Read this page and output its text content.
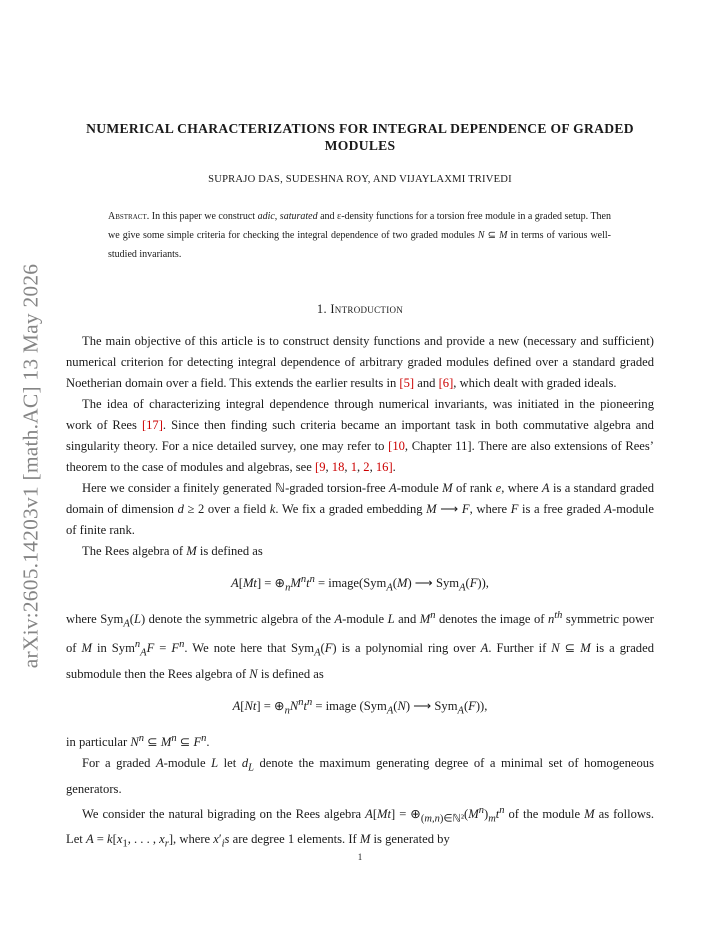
arXiv:2605.14203v1 [math.AC] 13 May 2026
NUMERICAL CHARACTERIZATIONS FOR INTEGRAL DEPENDENCE OF GRADED MODULES
SUPRAJO DAS, SUDESHNA ROY, AND VIJAYLAXMI TRIVEDI
Abstract. In this paper we construct adic, saturated and ε-density functions for a torsion free module in a graded setup. Then we give some simple criteria for checking the integral dependence of two graded modules N ⊆ M in terms of various well-studied invariants.
1. Introduction

The main objective of this article is to construct density functions and provide a new (necessary and sufficient) numerical criterion for detecting integral dependence of arbitrary graded modules defined over a standard graded Noetherian domain over a field. This extends the earlier results in [5] and [6], which dealt with graded ideals.

The idea of characterizing integral dependence through numerical invariants, was initiated in the pioneering work of Rees [17]. Since then finding such criteria became an important task in both commutative algebra and singularity theory. For a nice detailed survey, one may refer to [10, Chapter 11]. There are also extensions of Rees’ theorem to the case of modules and algebras, see [9, 18, 1, 2, 16].

Here we consider a finitely generated ℕ-graded torsion-free A-module M of rank e, where A is a standard graded domain of dimension d ≥ 2 over a field k. We fix a graded embedding M ⟶ F, where F is a free graded A-module of finite rank.

The Rees algebra of M is defined as

$A[Mt] = \oplus_nM^nt^n$ = image(Sym$_A$(M) ⟶ Sym$_A$(F)),

where Sym$_A$(L) denote the symmetric algebra of the A-module L and $M^n$ denotes the image of $n^{th}$ symmetric power of M in $Sym^n_AF = F^n$. We note here that Sym$_A$(F) is a polynomial ring over A. Further if N ⊆ M is a graded submodule then the Rees algebra of N is defined as

$A[Nt] = \oplus_nN^nt^n$ = image (Sym$_A$(N) ⟶ Sym$_A$(F)),

in particular $N^n$ ⊆ $M^n$ ⊆ $F^n$.

For a graded A-module L let $d_L$ denote the maximum generating degree of a minimal set of homogeneous generators.

We consider the natural bigrading on the Rees algebra $A[Mt] = \oplus_{(m,n)\in ℕ^2}(M^n)_mt^n$ of the module M as follows. Let $A = k[x_1$, . . . , $x_r$], where $x'_is$ are degree 1 elements. If M is generated by

1
